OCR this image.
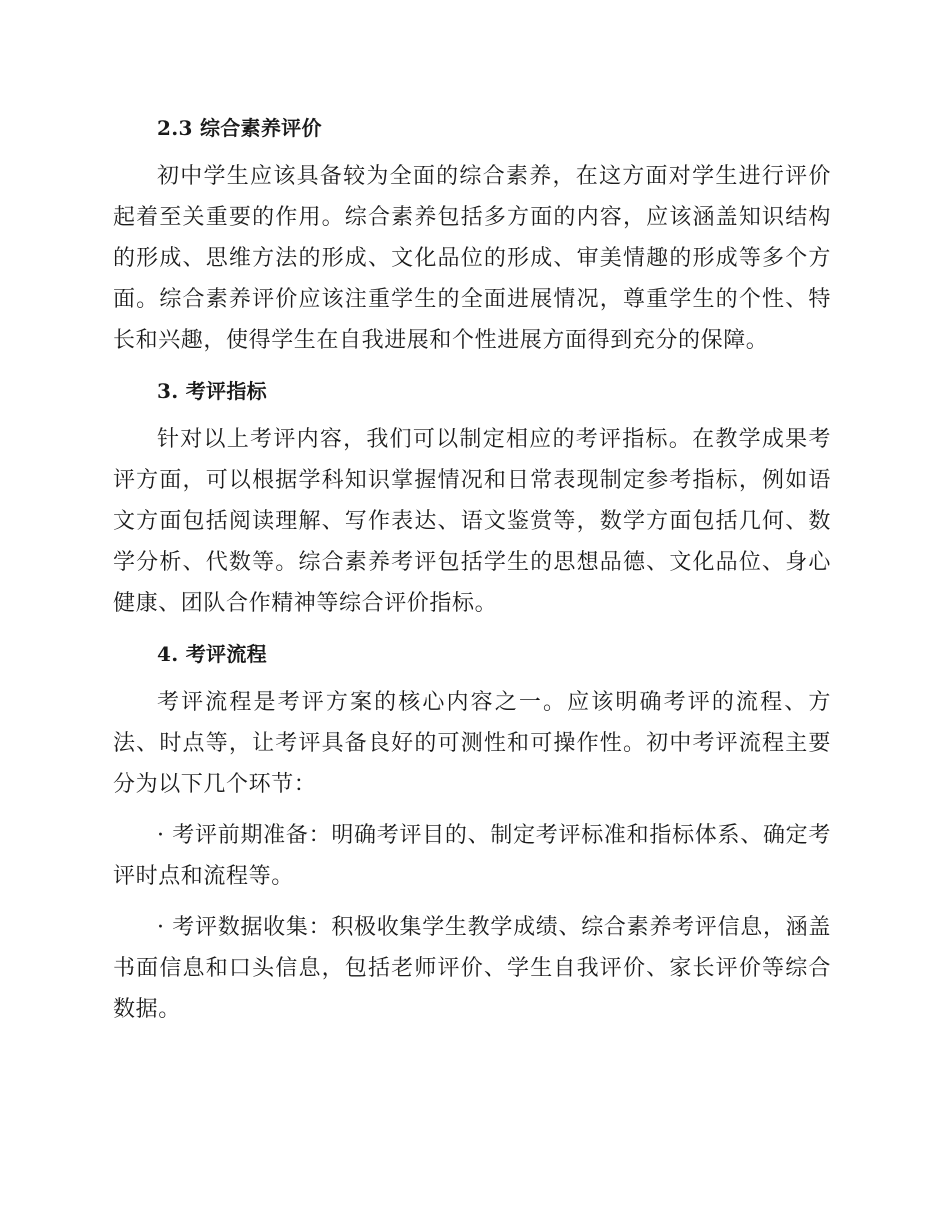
2.3 综合素养评价

初中学生应该具备较为全面的综合素养，在这方面对学生进行评价起着至关重要的作用。综合素养包括多方面的内容，应该涵盖知识结构的形成、思维方法的形成、文化品位的形成、审美情趣的形成等多个方面。综合素养评价应该注重学生的全面进展情况，尊重学生的个性、特长和兴趣，使得学生在自我进展和个性进展方面得到充分的保障。

3. 考评指标

针对以上考评内容，我们可以制定相应的考评指标。在教学成果考评方面，可以根据学科知识掌握情况和日常表现制定参考指标，例如语文方面包括阅读理解、写作表达、语文鉴赏等，数学方面包括几何、数学分析、代数等。综合素养考评包括学生的思想品德、文化品位、身心健康、团队合作精神等综合评价指标。

4. 考评流程

考评流程是考评方案的核心内容之一。应该明确考评的流程、方法、时点等，让考评具备良好的可测性和可操作性。初中考评流程主要分为以下几个环节：

· 考评前期准备：明确考评目的、制定考评标准和指标体系、确定考评时点和流程等。

· 考评数据收集：积极收集学生教学成绩、综合素养考评信息，涵盖书面信息和口头信息，包括老师评价、学生自我评价、家长评价等综合数据。
